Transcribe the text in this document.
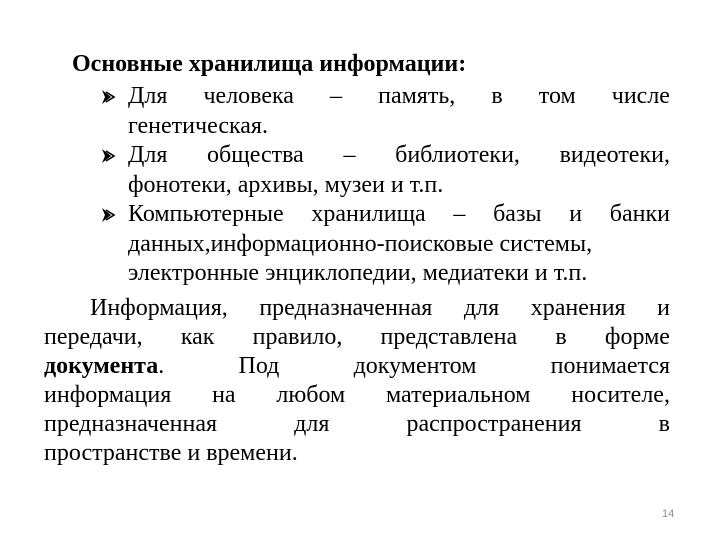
Основные хранилища информации:
Для человека – память, в том числе
генетическая.
Для общества – библиотеки, видеотеки,
фонотеки, архивы, музеи и т.п.
Компьютерные хранилища – базы и банки
данных,информационно-поисковые системы,
электронные энциклопедии, медиатеки и т.п.
Информация, предназначенная для хранения и
передачи, как правило, представлена в форме
документа.	Под	документом	понимается
информация на любом материальном носителе,
предназначенная	для	распространения	в
пространстве и времени.
14
